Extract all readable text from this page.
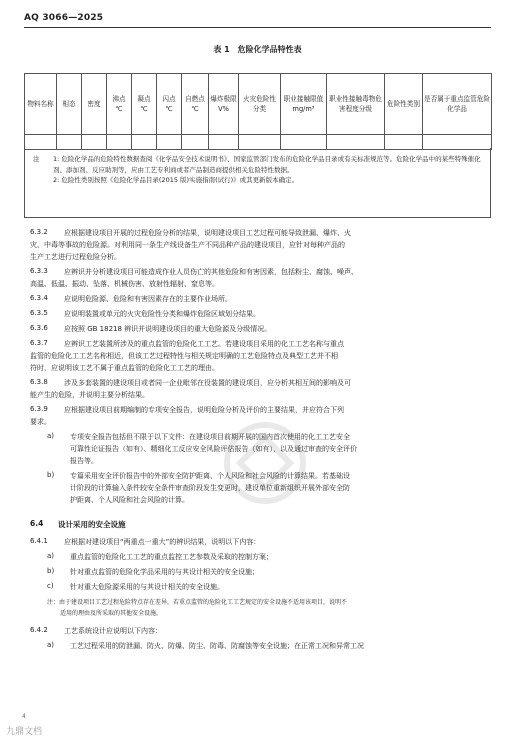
AQ 3066—2025
表 1　危险化学品特性表
物料名称	相态	密度	沸点 ℃	凝点 ℃	闪点 ℃	自燃点 ℃	爆炸极限 V%	火灾危险性分类	职业接触限值 mg/m³	职业性接触毒物危害程度分级	危险性类别	是否属于重点监管危险化学品

注 1: 危险化学品的危险特性数据查阅《化学品安全技术说明书》、国家监管部门发布的危险化学品目录或有关标准规范等。危险化学品中的某些特殊催化剂、添加剂、反应助剂等，应由工艺专利商或者产品制造商提供相关危险特性数据。
2: 危险性类别按照《危险化学品目录(2015 版)实施指南(试行)》或其更新版本确定。
6.3.2 应根据建设项目开展的过程危险分析的结果，说明建设项目工艺过程可能导致泄漏、爆炸、火
灾、中毒等事故的危险源。对利用同一条生产线设备生产不同品种产品的建设项目，应针对每种产品的
生产工艺进行过程危险分析。
6.3.3 应辨识并分析建设项目可能造成作业人员伤亡的其他危险和有害因素，包括粉尘、腐蚀、噪声、
高温、低温、振动、坠落、机械伤害、放射性辐射、窒息等。
6.3.4 应说明危险源、危险和有害因素存在的主要作业场所。
6.3.5 应说明装置或单元的火灾危险性分类和爆炸危险区域划分结果。
6.3.6 应按照 GB 18218 辨识并说明建设项目的重大危险源及分级情况。
6.3.7 应辨识工艺装置所涉及的重点监管的危险化工工艺。若建设项目采用的化工工艺名称与重点
监管的危险化工工艺名称相近，但该工艺过程特性与相关规定明确的工艺危险特点及典型工艺并不相
符时，应说明该工艺不属于重点监管的危险化工工艺的理由。
6.3.8 涉及多套装置的建设项目或者同一企业毗邻在役装置的建设项目，应分析其相互间的影响及可
能产生的危险，并说明主要分析结果。
6.3.9 应根据建设项目前期编制的专项安全报告，说明危险分析及评价的主要结果，并应符合下列
要求。
a) 专项安全报告包括但不限于以下文件：在建设项目前期开展的国内首次使用的化工工艺安全
可靠性论证报告（如有）、精细化工反应安全风险评估报告（如有），以及通过审查的安全评价
报告等。
b) 专篇采用安全评价报告中的外部安全防护距离、个人风险和社会风险的计算结果。若基础设
计阶段的计算输入条件较安全条件审查阶段发生变更时，建设单位重新组织开展外部安全防
护距离、个人风险和社会风险的计算。
6.4 设计采用的安全设施
6.4.1 应根据对建设项目“两重点一重大”的辨识结果，说明以下内容：
a) 重点监管的危险化工工艺的重点监控工艺参数及采取的控制方案；
b) 针对重点监管的危险化学品采用的与其设计相关的安全设施；
c) 针对重大危险源采用的与其设计相关的安全设施。
注：由于建设项目工艺过程危险特点存在差异，若重点监管的危险化工工艺规定的安全设施不适用该项目，说明不
适用的理由及所采取的其他安全设施。
6.4.2 工艺系统设计应说明以下内容：
a) 工艺过程采用的防泄漏、防火、防爆、防尘、防毒、防腐蚀等安全设施；在正常工况和异常工况
4
九鼎文档
